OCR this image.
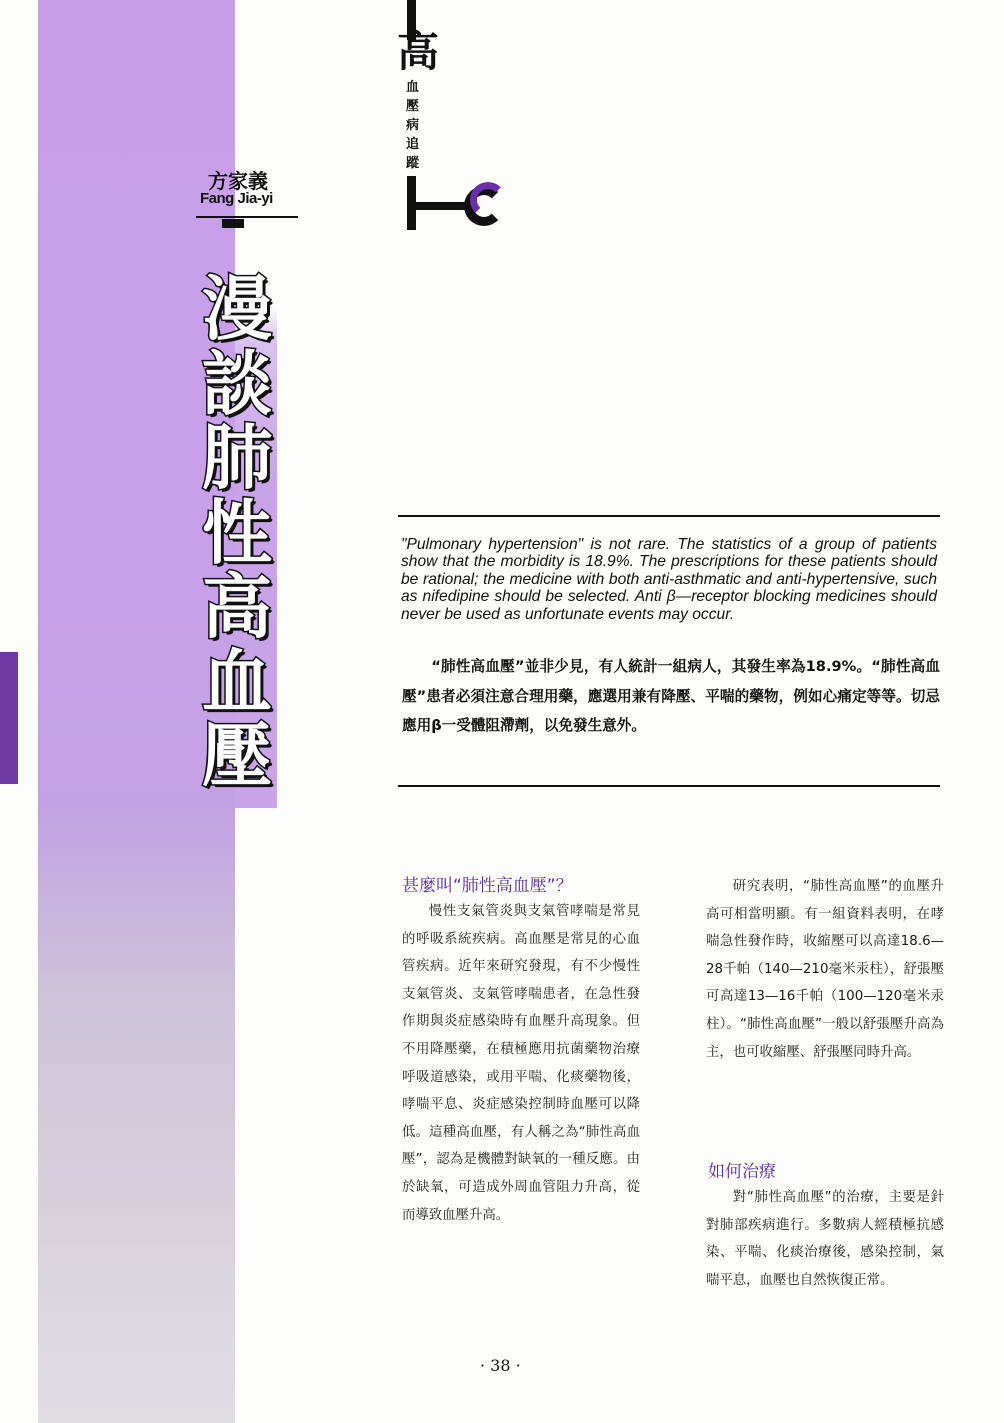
高
血壓病追蹤
方家義
Fang Jia-yi
漫談肺性高血壓
"Pulmonary hypertension" is not rare. The statistics of a group of patients show that the morbidity is 18.9%. The prescriptions for these patients should be rational; the medicine with both anti-asthmatic and anti-hypertensive, such as nifedipine should be selected. Anti β—receptor blocking medicines should never be used as unfortunate events may occur.
“肺性高血壓”並非少見，有人統計一組病人，其發生率為18.9%。“肺性高血壓”患者必須注意合理用藥，應選用兼有降壓、平喘的藥物，例如心痛定等等。切忌應用β一受體阻滯劑，以免發生意外。
甚麼叫“肺性高血壓”？
慢性支氣管炎與支氣管哮喘是常見的呼吸系統疾病。高血壓是常見的心血管疾病。近年來研究發現，有不少慢性支氣管炎、支氣管哮喘患者，在急性發作期與炎症感染時有血壓升高現象。但不用降壓藥，在積極應用抗菌藥物治療呼吸道感染，或用平喘、化痰藥物後，哮喘平息、炎症感染控制時血壓可以降低。這種高血壓，有人稱之為“肺性高血壓”，認為是機體對缺氧的一種反應。由於缺氧，可造成外周血管阻力升高，從而導致血壓升高。
研究表明，“肺性高血壓”的血壓升高可相當明顯。有一組資料表明，在哮喘急性發作時，收縮壓可以高達18.6—28千帕（140—210毫米汞柱），舒張壓可高達13—16千帕（100—120毫米汞柱）。“肺性高血壓”一般以舒張壓升高為主，也可收縮壓、舒張壓同時升高。
如何治療
對“肺性高血壓”的治療，主要是針對肺部疾病進行。多數病人經積極抗感染、平喘、化痰治療後，感染控制，氣喘平息，血壓也自然恢復正常。
· 38 ·
